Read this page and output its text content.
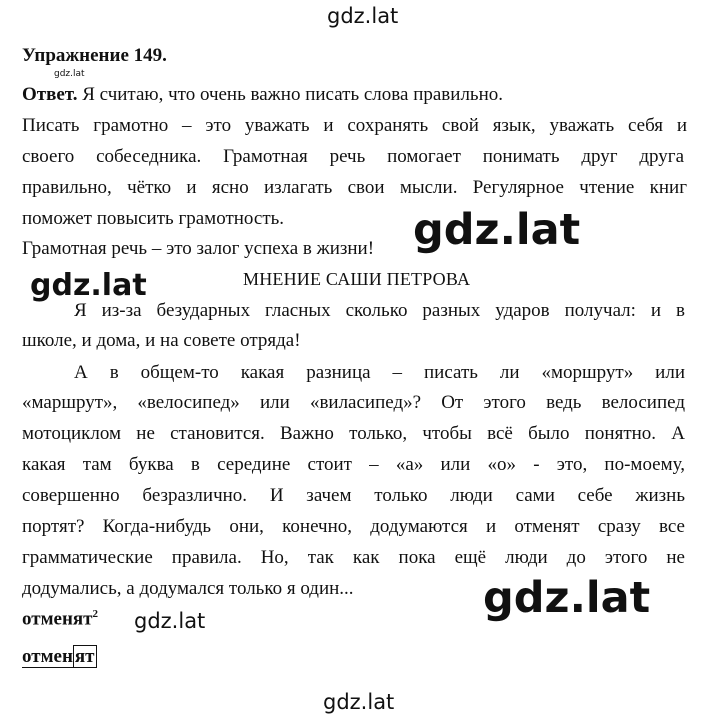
gdz.lat
gdz.lat
Упражнение 149.
Ответ. Я считаю, что очень важно писать слова правильно.
Писать грамотно – это уважать и сохранять свой язык, уважать себя и
своего собеседника. Грамотная речь помогает понимать друг друга
правильно, чётко и ясно излагать свои мысли. Регулярное чтение книг
поможет повысить грамотность.
Грамотная речь – это залог успеха в жизни! gdz.lat
gdz.lat	МНЕНИЕ САШИ ПЕТРОВА
Я из-за безударных гласных сколько разных ударов получал: и в
школе, и дома, и на совете отряда!
А в общем-то какая разница – писать ли «моршрут» или
«маршрут», «велосипед» или «виласипед»? От этого ведь велосипед
мотоциклом не становится. Важно только, чтобы всё было понятно. А
какая там буква в середине стоит – «а» или «о» - это, по-моему,
совершенно безразлично. И зачем только люди сами себе жизнь
портят? Когда-нибудь они, конечно, додумаются и отменят сразу все
грамматические правила. Но, так как пока ещё люди до этого не
додумались, а додумался только я один...	gdz.lat
отменят$^2$ gdz.lat
отмен ят
gdz.lat
